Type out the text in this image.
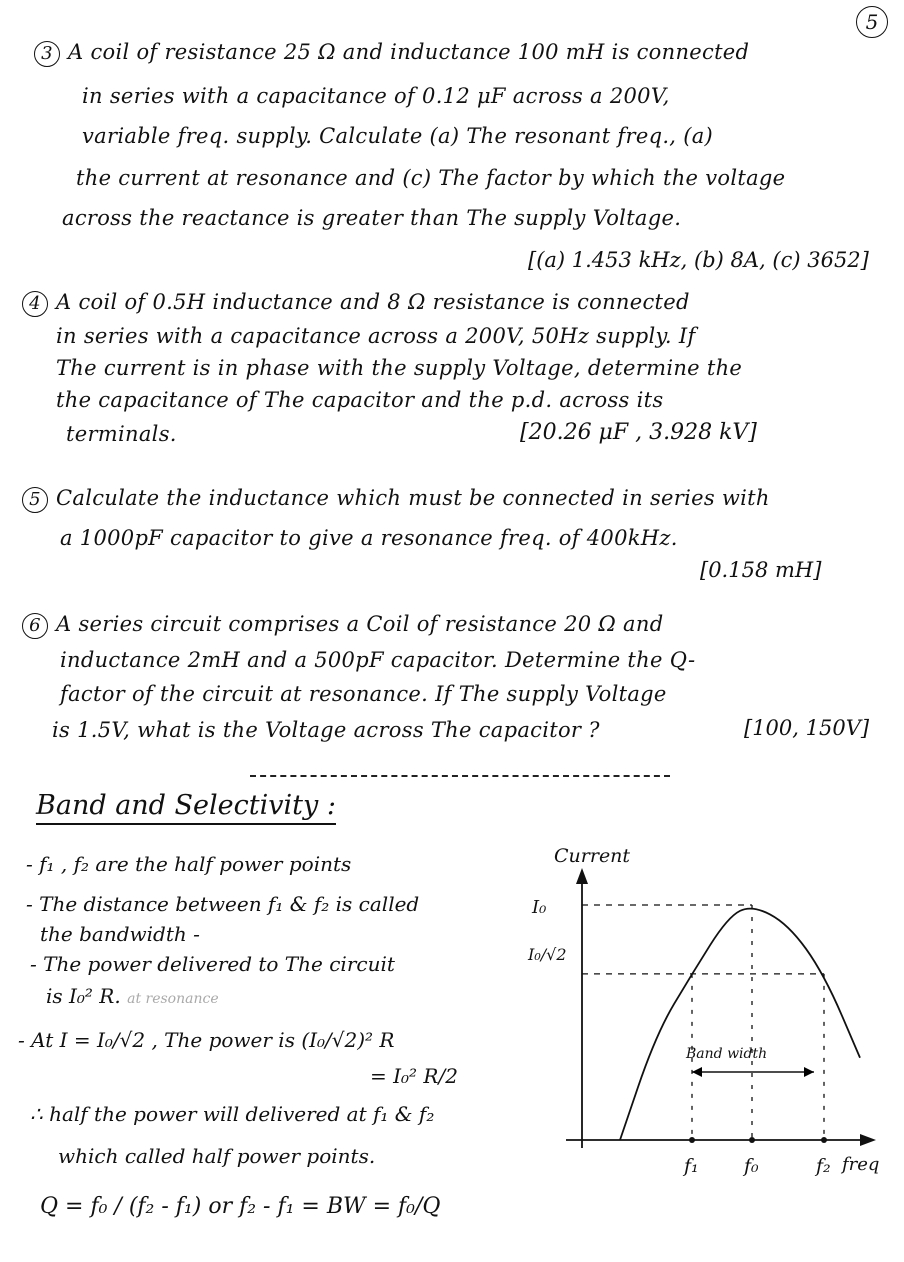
5
3 A coil of resistance 25 Ω and inductance 100 mH is connected
in series with a capacitance of 0.12 μF across a 200V,
variable freq. supply. Calculate (a) The resonant freq., (a)
the current at resonance and (c) The factor by which the voltage
across the reactance is greater than The supply Voltage.
[(a) 1.453 kHz, (b) 8A, (c) 3652]
4 A coil of 0.5H inductance and 8 Ω resistance is connected
in series with a capacitance across a 200V, 50Hz supply. If
The current is in phase with the supply Voltage, determine the
the capacitance of The capacitor and the p.d. across its
terminals.	[20.26 μF , 3.928 kV]
5 Calculate the inductance which must be connected in series with
a 1000pF capacitor to give a resonance freq. of 400kHz.
[0.158 mH]
6 A series circuit comprises a Coil of resistance 20 Ω and
inductance 2mH and a 500pF capacitor. Determine the Q-
factor of the circuit at resonance. If The supply Voltage
is 1.5V, what is the Voltage across The capacitor ?	[100, 150V]
Band and Selectivity :
- f₁ , f₂ are the half power points
- The distance between f₁ & f₂ is called
the bandwidth -
- The power delivered to The circuit
is I₀² R. at resonance
- At I = I₀/√2 , The power is (I₀/√2)² R
= I₀² R/2
∴ half the power will delivered at f₁ & f₂
which called half power points.
Q = f₀ / (f₂ - f₁) or f₂ - f₁ = BW = f₀/Q
Current
freq
I₀
I₀/√2
f₁ f₀	f₂
Band width
